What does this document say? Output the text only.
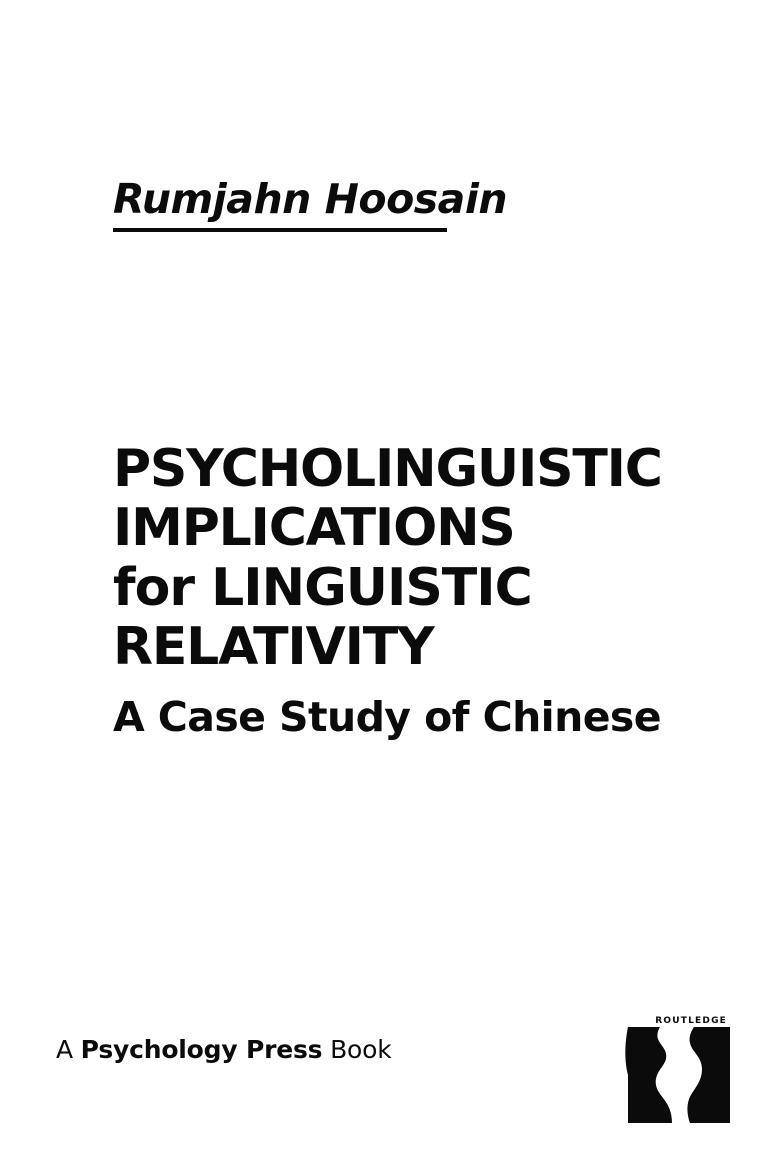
Rumjahn Hoosain
PSYCHOLINGUISTIC
IMPLICATIONS
for LINGUISTIC
RELATIVITY
A Case Study of Chinese
A Psychology Press Book
ROUTLEDGE
